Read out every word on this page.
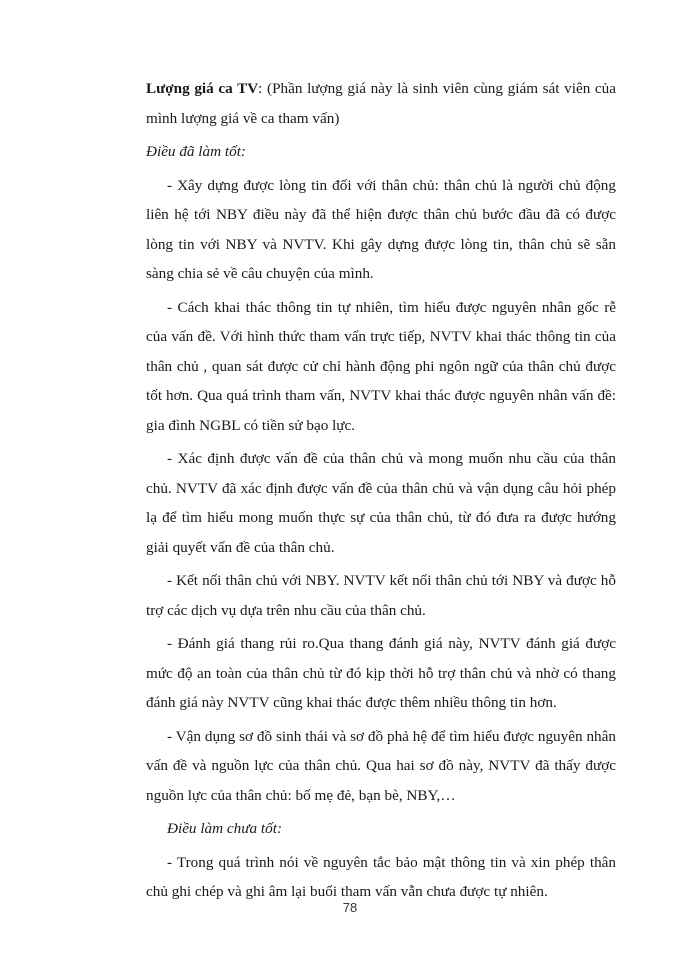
Lượng giá ca TV: (Phần lượng giá này là sinh viên cùng giám sát viên của mình lượng giá về ca tham vấn)

Điều đã làm tốt:

- Xây dựng được lòng tin đối với thân chủ: thân chủ là người chủ động liên hệ tới NBY điều này đã thể hiện được thân chủ bước đầu đã có được lòng tin với NBY và NVTV. Khi gây dựng được lòng tin, thân chủ sẽ sẵn sàng chia sẻ về câu chuyện của mình.

- Cách khai thác thông tin tự nhiên, tìm hiểu được nguyên nhân gốc rễ của vấn đề. Với hình thức tham vấn trực tiếp, NVTV khai thác thông tin của thân chủ , quan sát được cử chỉ hành động phi ngôn ngữ của thân chủ được tốt hơn. Qua quá trình tham vấn, NVTV khai thác được nguyên nhân vấn đề: gia đình NGBL có tiền sử bạo lực.

- Xác định được vấn đề của thân chủ và mong muốn nhu cầu của thân chủ. NVTV đã xác định được vấn đề của thân chủ và vận dụng câu hỏi phép lạ để tìm hiểu mong muốn thực sự của thân chủ, từ đó đưa ra được hướng giải quyết vấn đề của thân chủ.

- Kết nối thân chủ với NBY. NVTV kết nối thân chủ tới NBY và được hỗ trợ các dịch vụ dựa trên nhu cầu của thân chủ.

- Đánh giá thang rủi ro.Qua thang đánh giá này, NVTV đánh giá được mức độ an toàn của thân chủ từ đó kịp thời hỗ trợ thân chủ và nhờ có thang đánh giá này NVTV cũng khai thác được thêm nhiều thông tin hơn.

- Vận dụng sơ đồ sinh thái và sơ đồ phả hệ để tìm hiểu được nguyên nhân vấn đề và nguồn lực của thân chủ. Qua hai sơ đồ này, NVTV đã thấy được nguồn lực của thân chủ: bố mẹ đẻ, bạn bè, NBY,…

Điều làm chưa tốt:

- Trong quá trình nói về nguyên tắc bảo mật thông tin và xin phép thân chủ ghi chép và ghi âm lại buổi tham vấn vẫn chưa được tự nhiên.

78
